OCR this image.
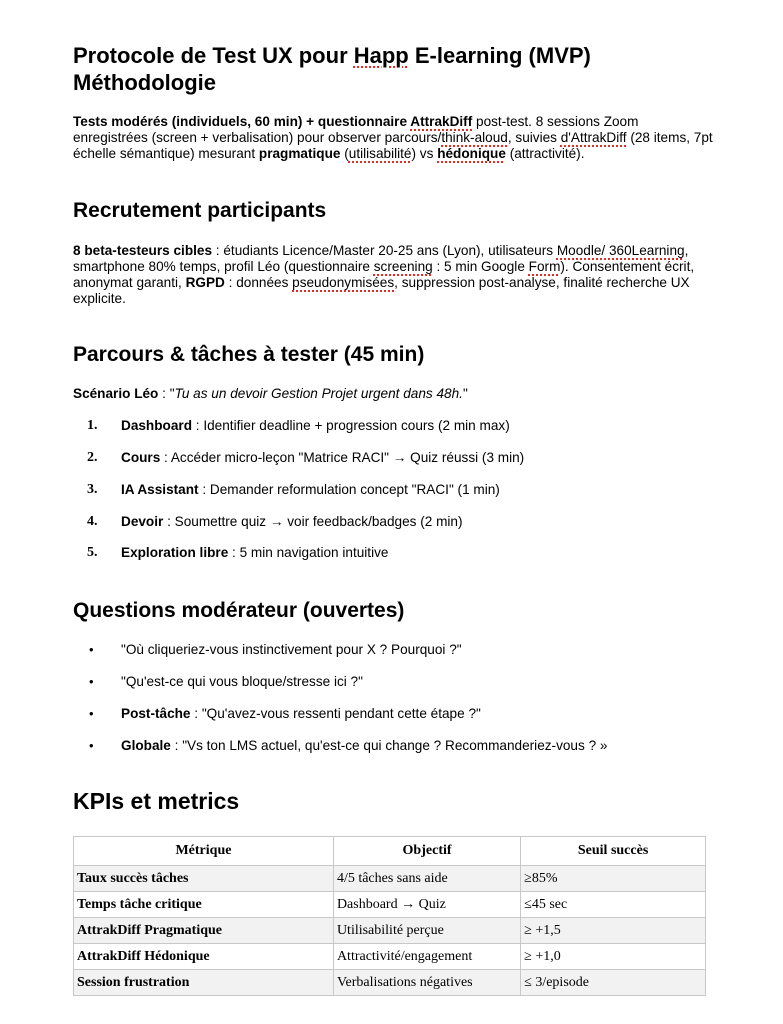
Protocole de Test UX pour Happ E-learning (MVP)
Méthodologie

Tests modérés (individuels, 60 min) + questionnaire AttrakDiff post-test. 8 sessions Zoom enregistrées (screen + verbalisation) pour observer parcours/think-aloud, suivies d'AttrakDiff (28 items, 7pt échelle sémantique) mesurant pragmatique (utilisabilité) vs hédonique (attractivité).

Recrutement participants

8 beta-testeurs cibles : étudiants Licence/Master 20-25 ans (Lyon), utilisateurs Moodle/ 360Learning, smartphone 80% temps, profil Léo (questionnaire screening : 5 min Google Form). Consentement écrit, anonymat garanti, RGPD : données pseudonymisées, suppression post-analyse, finalité recherche UX explicite.

Parcours & tâches à tester (45 min)

Scénario Léo : "Tu as un devoir Gestion Projet urgent dans 48h."

1. Dashboard : Identifier deadline + progression cours (2 min max)
2. Cours : Accéder micro-leçon "Matrice RACI" → Quiz réussi (3 min)
3. IA Assistant : Demander reformulation concept "RACI" (1 min)
4. Devoir : Soumettre quiz → voir feedback/badges (2 min)
5. Exploration libre : 5 min navigation intuitive
Questions modérateur (ouvertes)
• "Où cliqueriez-vous instinctivement pour X ? Pourquoi ?"
• "Qu'est-ce qui vous bloque/stresse ici ?"
• Post-tâche : "Qu'avez-vous ressenti pendant cette étape ?"
• Globale : "Vs ton LMS actuel, qu'est-ce qui change ? Recommanderiez-vous ? »
KPIs et metrics
Métrique	Objectif	Seuil succès
Taux succès tâches	4/5 tâches sans aide	≥85%
Temps tâche critique	Dashboard → Quiz	≤45 sec
AttrakDiff Pragmatique	Utilisabilité perçue	≥ +1,5
AttrakDiff Hédonique	Attractivité/engagement	≥ +1,0
Session frustration	Verbalisations négatives	≤ 3/episode
